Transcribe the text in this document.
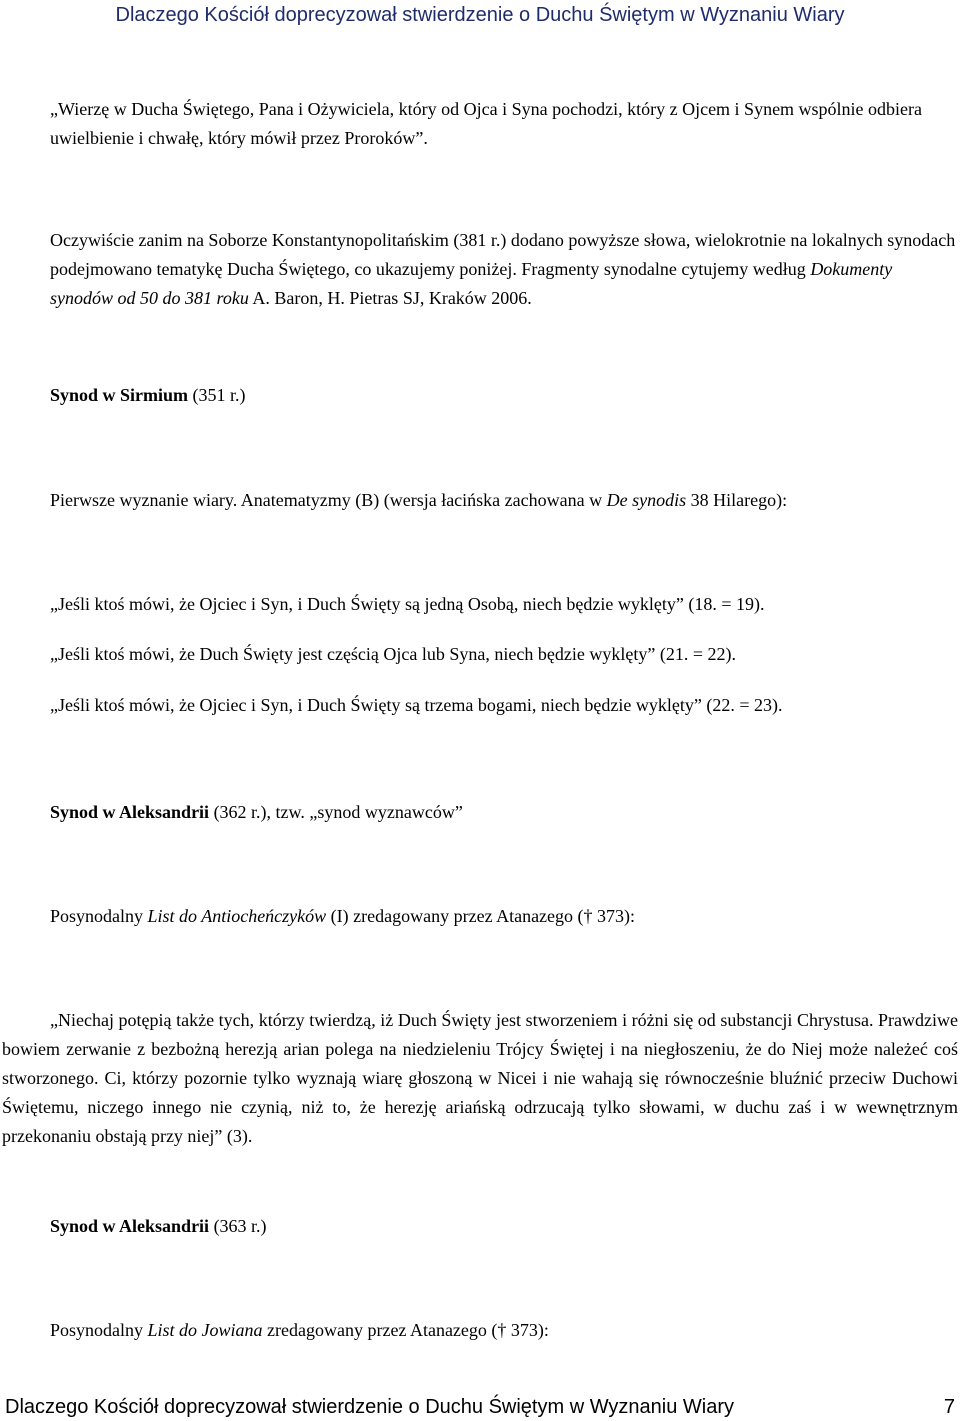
Dlaczego Kościół doprecyzował stwierdzenie o Duchu Świętym w Wyznaniu Wiary
„Wierzę w Ducha Świętego, Pana i Ożywiciela, który od Ojca i Syna pochodzi, który z Ojcem i Synem wspólnie odbiera uwielbienie i chwałę, który mówił przez Proroków”.
Oczywiście zanim na Soborze Konstantynopolitańskim (381 r.) dodano powyższe słowa, wielokrotnie na lokalnych synodach podejmowano tematykę Ducha Świętego, co ukazujemy poniżej. Fragmenty synodalne cytujemy według Dokumenty synodów od 50 do 381 roku A. Baron, H. Pietras SJ, Kraków 2006.
Synod w Sirmium (351 r.)
Pierwsze wyznanie wiary. Anatematyzmy (B) (wersja łacińska zachowana w De synodis 38 Hilarego):
„Jeśli ktoś mówi, że Ojciec i Syn, i Duch Święty są jedną Osobą, niech będzie wyklęty” (18. = 19).
„Jeśli ktoś mówi, że Duch Święty jest częścią Ojca lub Syna, niech będzie wyklęty” (21. = 22).
„Jeśli ktoś mówi, że Ojciec i Syn, i Duch Święty są trzema bogami, niech będzie wyklęty” (22. = 23).
Synod w Aleksandrii (362 r.), tzw. „synod wyznawców”
Posynodalny List do Antiocheńczyków (I) zredagowany przez Atanazego († 373):
„Niechaj potępią także tych, którzy twierdzą, iż Duch Święty jest stworzeniem i różni się od substancji Chrystusa. Prawdziwe bowiem zerwanie z bezbożną herezją arian polega na niedzieleniu Trójcy Świętej i na niegłoszeniu, że do Niej może należeć coś stworzonego. Ci, którzy pozornie tylko wyznają wiarę głoszoną w Nicei i nie wahają się równocześnie bluźnić przeciw Duchowi Świętemu, niczego innego nie czynią, niż to, że herezję ariańską odrzucają tylko słowami, w duchu zaś i w wewnętrznym przekonaniu obstają przy niej” (3).
Synod w Aleksandrii (363 r.)
Posynodalny List do Jowiana zredagowany przez Atanazego († 373):
Dlaczego Kościół doprecyzował stwierdzenie o Duchu Świętym w Wyznaniu Wiary	7
